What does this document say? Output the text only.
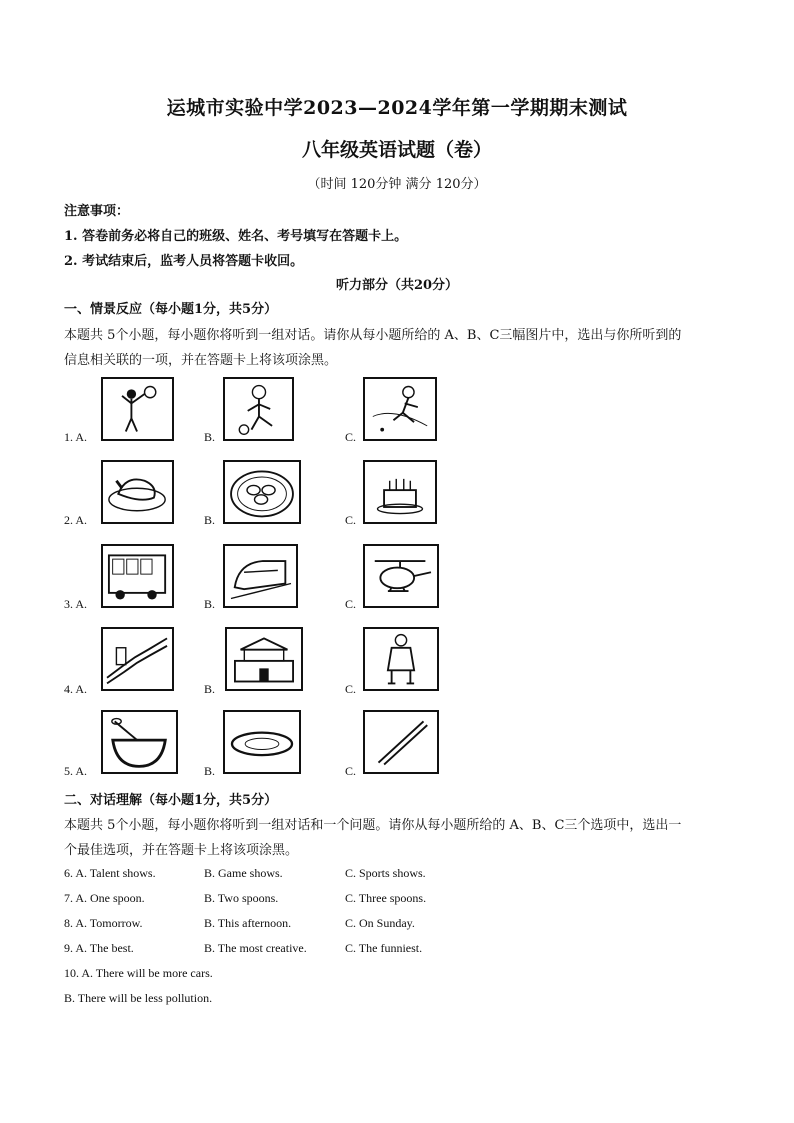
运城市实验中学2023—2024学年第一学期期末测试
八年级英语试题（卷）
（时间 120分钟 满分 120分）
注意事项：
1. 答卷前务必将自己的班级、姓名、考号填写在答题卡上。
2. 考试结束后，监考人员将答题卡收回。
听力部分（共20分）
一、情景反应（每小题1分，共5分）
本题共 5个小题，每小题你将听到一组对话。请你从每小题所给的 A、B、C三幅图片中，选出与你所听到的
信息相关联的一项，并在答题卡上将该项涂黑。
1. A.	B.	C.
2. A.	B.	C.
3. A.	B.	C.
4. A.	B.	C.
5. A.	B.	C.
二、对话理解（每小题1分，共5分）
本题共 5个小题，每小题你将听到一组对话和一个问题。请你从每小题所给的 A、B、C三个选项中，选出一
个最佳选项，并在答题卡上将该项涂黑。
6. A. Talent shows.	B. Game shows.	C. Sports shows.
7. A. One spoon.	B. Two spoons.	C. Three spoons.
8. A. Tomorrow.	B. This afternoon.	C. On Sunday.
9. A. The best.	B. The most creative.	C. The funniest.
10. A. There will be more cars.
B. There will be less pollution.
